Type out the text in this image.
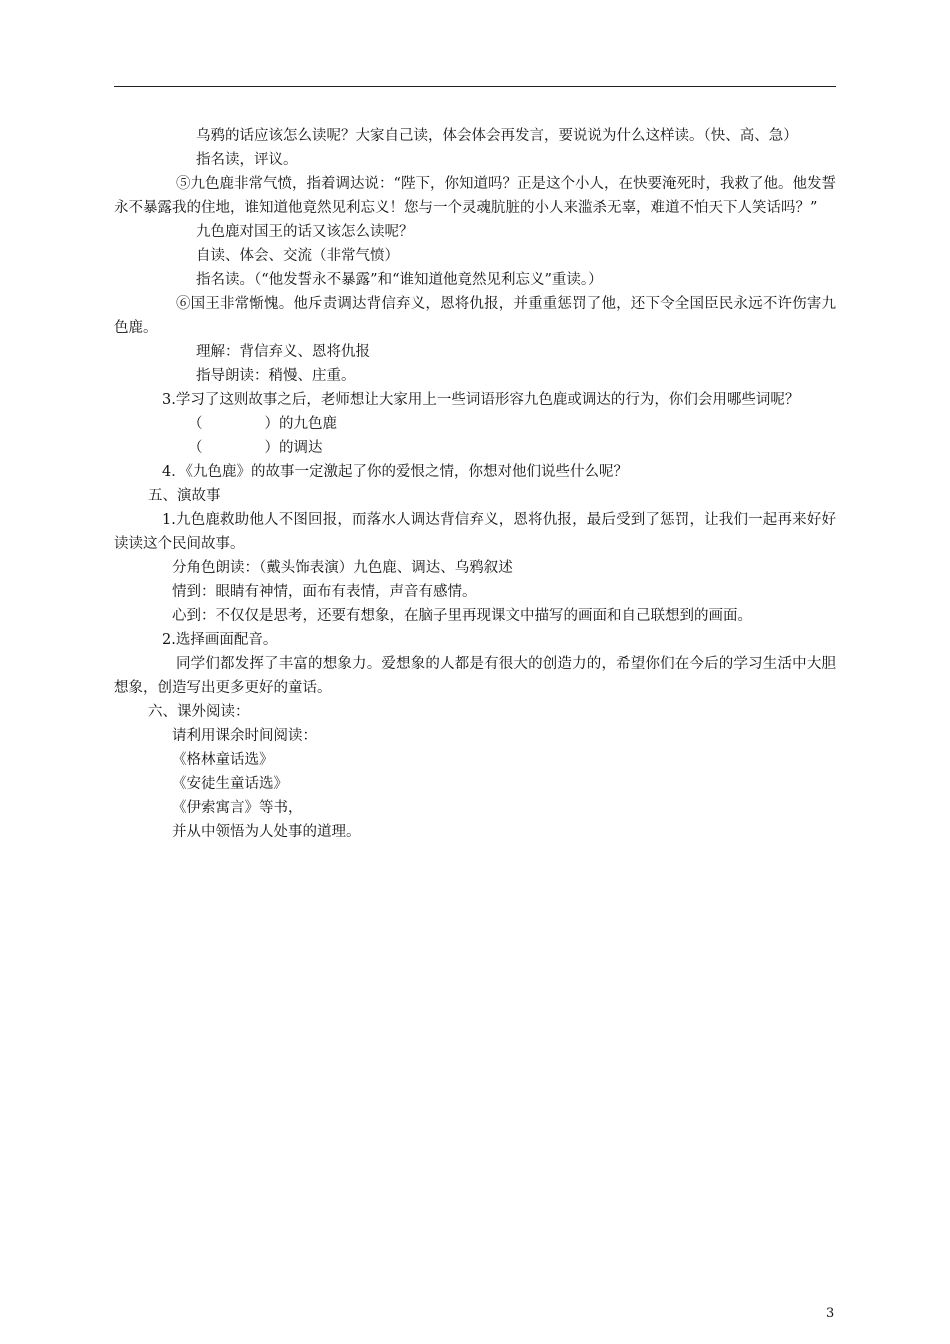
乌鸦的话应该怎么读呢？大家自己读，体会体会再发言，要说说为什么这样读。（快、高、急）

指名读，评议。

⑤九色鹿非常气愤，指着调达说：“陛下，你知道吗？正是这个小人，在快要淹死时，我救了他。他发誓永不暴露我的住地，谁知道他竟然见利忘义！您与一个灵魂肮脏的小人来滥杀无辜，难道不怕天下人笑话吗？”

九色鹿对国王的话又该怎么读呢？

自读、体会、交流（非常气愤）

指名读。（“他发誓永不暴露”和“谁知道他竟然见利忘义”重读。）

⑥国王非常惭愧。他斥责调达背信弃义，恩将仇报，并重重惩罚了他，还下令全国臣民永远不许伤害九色鹿。

理解：背信弃义、恩将仇报

指导朗读：稍慢、庄重。

3.学习了这则故事之后，老师想让大家用上一些词语形容九色鹿或调达的行为，你们会用哪些词呢？

（	）的九色鹿

（	）的调达

4．《九色鹿》的故事一定激起了你的爱恨之情，你想对他们说些什么呢？

五、演故事

1.九色鹿救助他人不图回报，而落水人调达背信弃义，恩将仇报，最后受到了惩罚，让我们一起再来好好读读这个民间故事。

分角色朗读：（戴头饰表演）九色鹿、调达、乌鸦叙述

情到：眼睛有神情，面布有表情，声音有感情。

心到：不仅仅是思考，还要有想象，在脑子里再现课文中描写的画面和自己联想到的画面。

2.选择画面配音。

同学们都发挥了丰富的想象力。爱想象的人都是有很大的创造力的，希望你们在今后的学习生活中大胆想象，创造写出更多更好的童话。

六、课外阅读：

请利用课余时间阅读：

《格林童话选》

《安徒生童话选》

《伊索寓言》等书，

并从中领悟为人处事的道理。

3
